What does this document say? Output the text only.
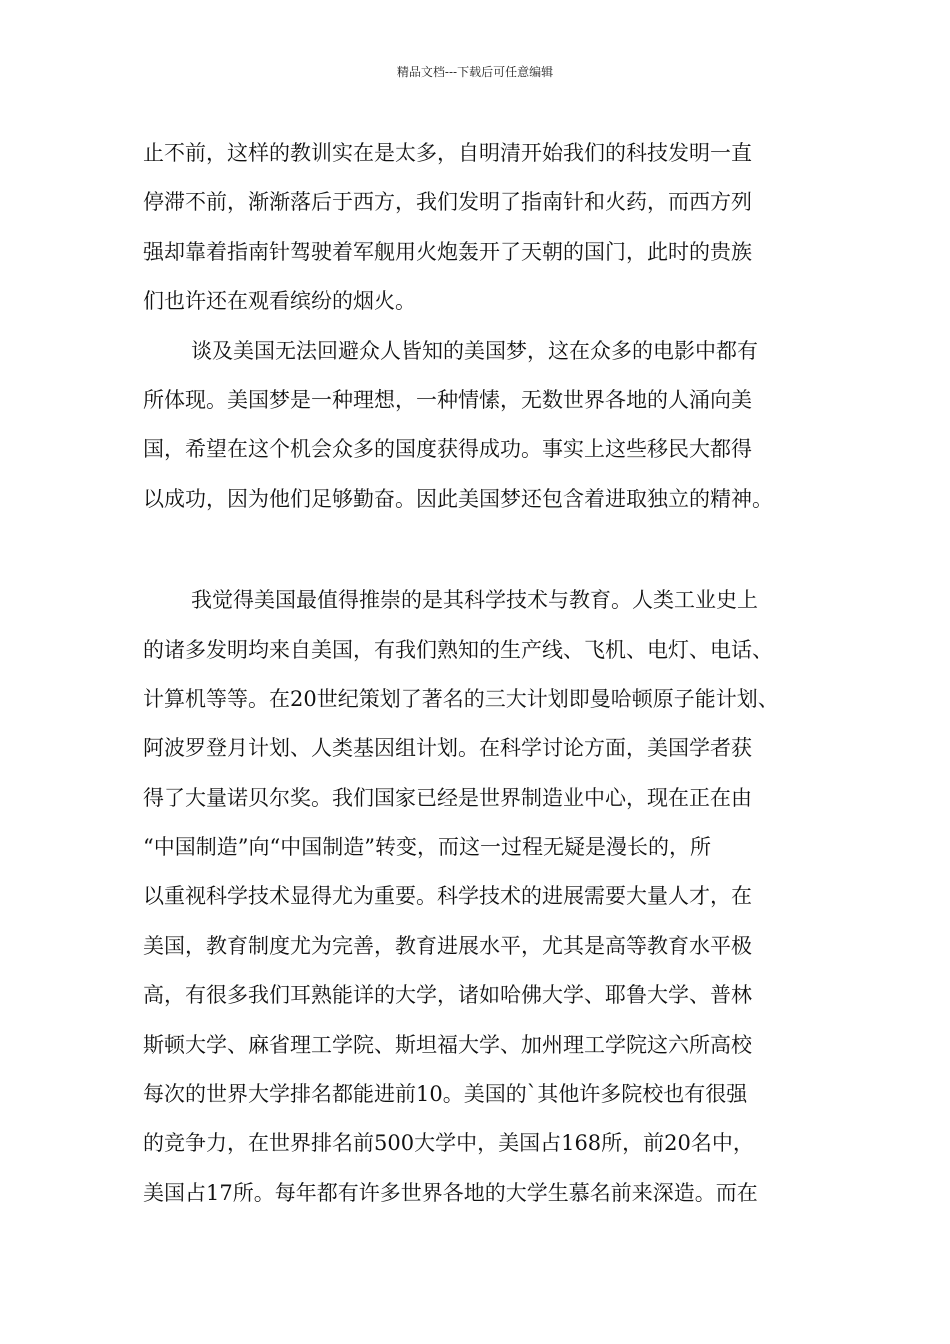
精品文档---下载后可任意编辑
止不前，这样的教训实在是太多，自明清开始我们的科技发明一直
停滞不前，渐渐落后于西方，我们发明了指南针和火药，而西方列
强却靠着指南针驾驶着军舰用火炮轰开了天朝的国门，此时的贵族
们也许还在观看缤纷的烟火。
谈及美国无法回避众人皆知的美国梦，这在众多的电影中都有
所体现。美国梦是一种理想，一种情愫，无数世界各地的人涌向美
国，希望在这个机会众多的国度获得成功。事实上这些移民大都得
以成功，因为他们足够勤奋。因此美国梦还包含着进取独立的精神。
我觉得美国最值得推崇的是其科学技术与教育。人类工业史上
的诸多发明均来自美国，有我们熟知的生产线、飞机、电灯、电话、
计算机等等。在20世纪策划了著名的三大计划即曼哈顿原子能计划、
阿波罗登月计划、人类基因组计划。在科学讨论方面，美国学者获
得了大量诺贝尔奖。我们国家已经是世界制造业中心，现在正在由
“中国制造”向“中国制造”转变，而这一过程无疑是漫长的，所
以重视科学技术显得尤为重要。科学技术的进展需要大量人才，在
美国，教育制度尤为完善，教育进展水平，尤其是高等教育水平极
高，有很多我们耳熟能详的大学，诸如哈佛大学、耶鲁大学、普林
斯顿大学、麻省理工学院、斯坦福大学、加州理工学院这六所高校
每次的世界大学排名都能进前10。美国的`其他许多院校也有很强
的竞争力，在世界排名前500大学中，美国占168所，前20名中，
美国占17所。每年都有许多世界各地的大学生慕名前来深造。而在
